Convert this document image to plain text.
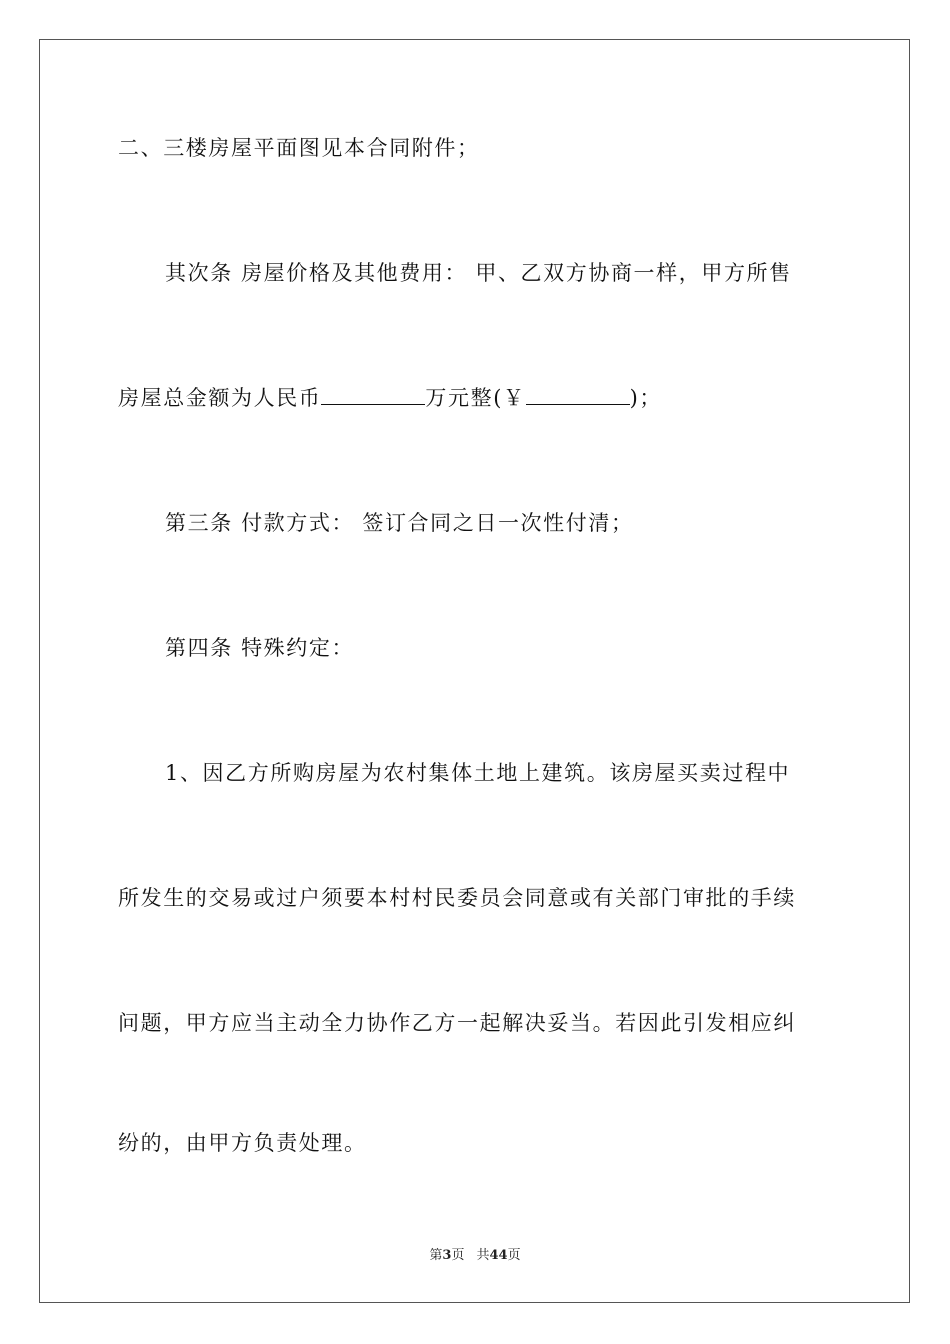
二、三楼房屋平面图见本合同附件；

其次条 房屋价格及其他费用： 甲、乙双方协商一样，甲方所售

房屋总金额为人民币	万元整(￥	)；

第三条 付款方式： 签订合同之日一次性付清；

第四条 特殊约定：

1、因乙方所购房屋为农村集体土地上建筑。该房屋买卖过程中

所发生的交易或过户须要本村村民委员会同意或有关部门审批的手续

问题，甲方应当主动全力协作乙方一起解决妥当。若因此引发相应纠

纷的，由甲方负责处理。

第3页 共44页
